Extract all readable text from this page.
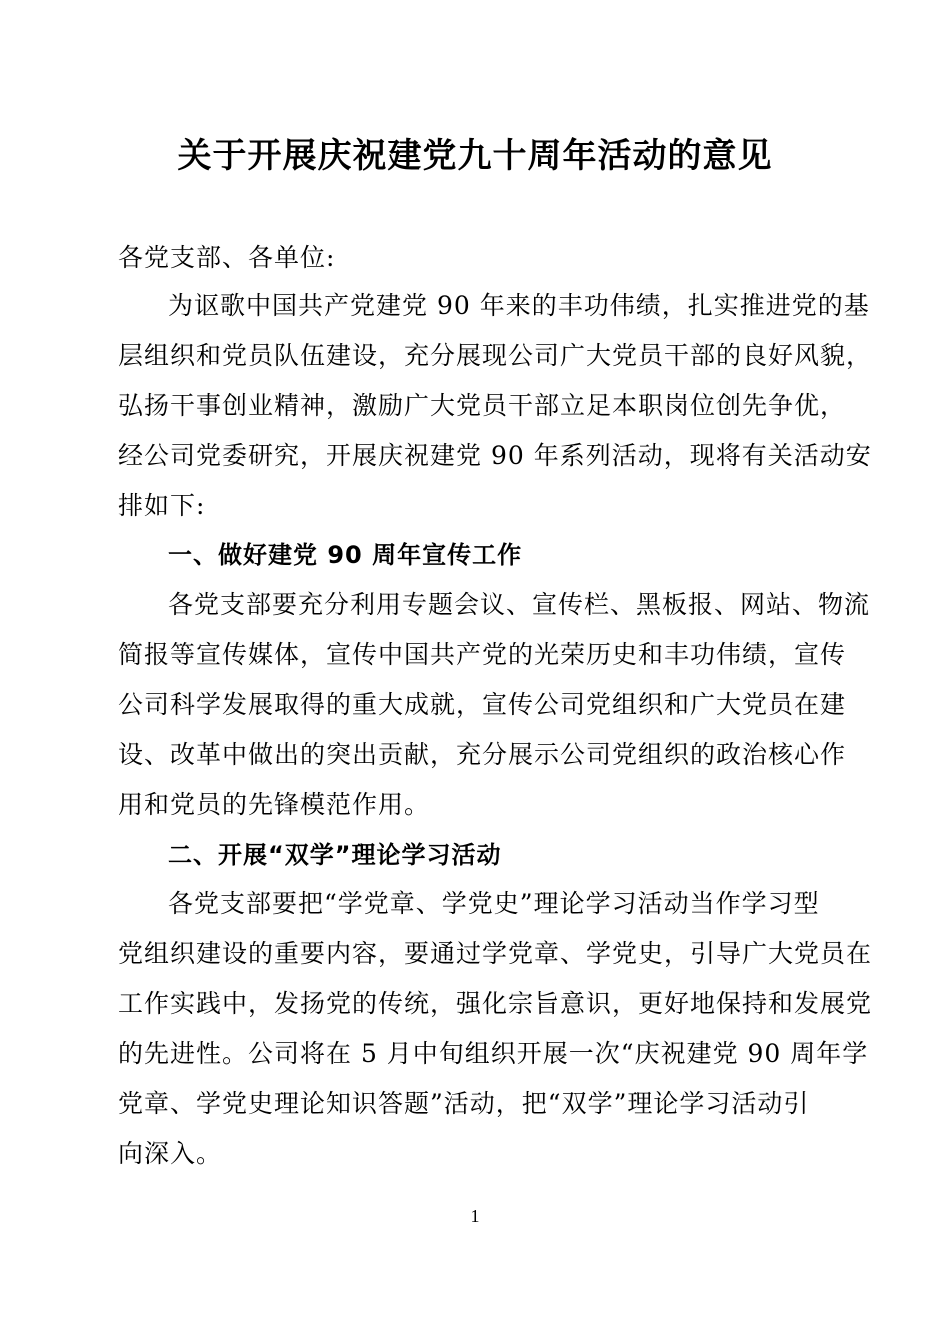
关于开展庆祝建党九十周年活动的意见
各党支部、各单位:
为讴歌中国共产党建党 90 年来的丰功伟绩，扎实推进党的基
层组织和党员队伍建设，充分展现公司广大党员干部的良好风貌，
弘扬干事创业精神，激励广大党员干部立足本职岗位创先争优，
经公司党委研究，开展庆祝建党 90 年系列活动，现将有关活动安
排如下:
一、做好建党 90 周年宣传工作
各党支部要充分利用专题会议、宣传栏、黑板报、网站、物流
简报等宣传媒体，宣传中国共产党的光荣历史和丰功伟绩，宣传
公司科学发展取得的重大成就，宣传公司党组织和广大党员在建
设、改革中做出的突出贡献，充分展示公司党组织的政治核心作
用和党员的先锋模范作用。
二、开展“双学”理论学习活动
各党支部要把“学党章、学党史”理论学习活动当作学习型
党组织建设的重要内容，要通过学党章、学党史，引导广大党员在
工作实践中，发扬党的传统，强化宗旨意识，更好地保持和发展党
的先进性。公司将在 5 月中旬组织开展一次“庆祝建党 90 周年学
党章、学党史理论知识答题”活动，把“双学”理论学习活动引
向深入。
1
